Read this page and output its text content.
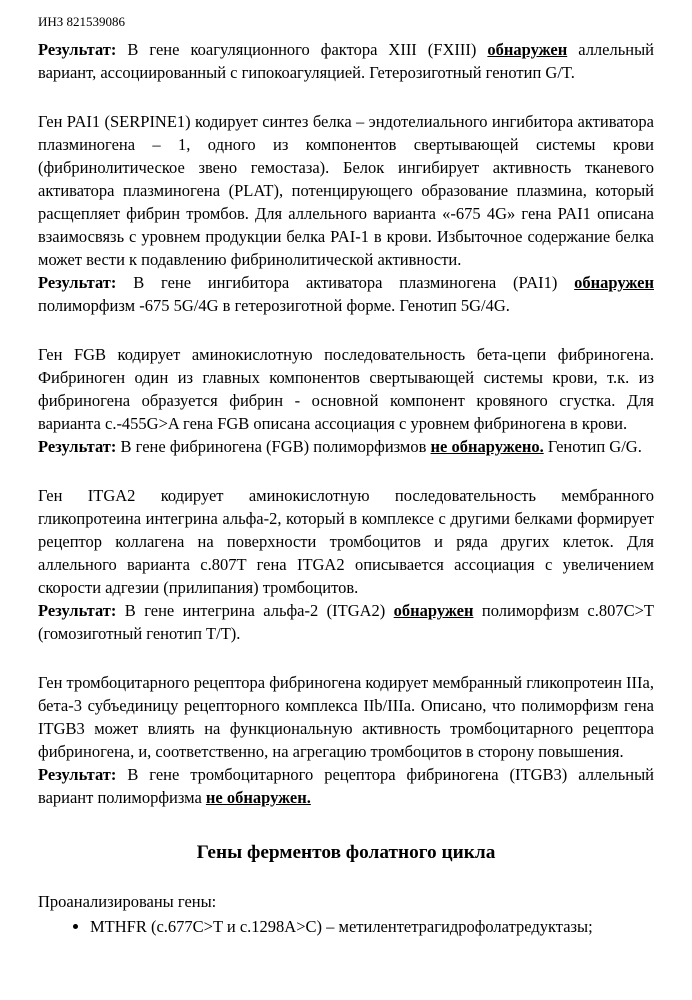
ИНЗ 821539086

Результат: В гене коагуляционного фактора XIII (FXIII) обнаружен аллельный вариант, ассоциированный с гипокоагуляцией. Гетерозиготный генотип G/T.

Ген PAI1 (SERPINE1) кодирует синтез белка – эндотелиального ингибитора активатора плазминогена – 1, одного из компонентов свертывающей системы крови (фибринолитическое звено гемостаза). Белок ингибирует активность тканевого активатора плазминогена (PLAT), потенцирующего образование плазмина, который расщепляет фибрин тромбов. Для аллельного варианта «-675 4G» гена PAI1 описана взаимосвязь с уровнем продукции белка PAI-1 в крови. Избыточное содержание белка может вести к подавлению фибринолитической активности.

Результат: В гене ингибитора активатора плазминогена (PAI1) обнаружен полиморфизм -675 5G/4G в гетерозиготной форме. Генотип 5G/4G.

Ген FGB кодирует аминокислотную последовательность бета-цепи фибриногена. Фибриноген один из главных компонентов свертывающей системы крови, т.к. из фибриногена образуется фибрин - основной компонент кровяного сгустка. Для варианта c.-455G>A гена FGB описана ассоциация с уровнем фибриногена в крови.

Результат: В гене фибриногена (FGB) полиморфизмов не обнаружено. Генотип G/G.

Ген ITGA2 кодирует аминокислотную последовательность мембранного гликопротеина интегрина альфа-2, который в комплексе с другими белками формирует рецептор коллагена на поверхности тромбоцитов и ряда других клеток. Для аллельного варианта c.807T гена ITGA2 описывается ассоциация с увеличением скорости адгезии (прилипания) тромбоцитов.

Результат: В гене интегрина альфа-2 (ITGA2) обнаружен полиморфизм c.807C>T (гомозиготный генотип T/T).

Ген тромбоцитарного рецептора фибриногена кодирует мембранный гликопротеин IIIa, бета-3 субъединицу рецепторного комплекса IIb/IIIa. Описано, что полиморфизм гена ITGB3 может влиять на функциональную активность тромбоцитарного рецептора фибриногена, и, соответственно, на агрегацию тромбоцитов в сторону повышения.

Результат: В гене тромбоцитарного рецептора фибриногена (ITGB3) аллельный вариант полиморфизма не обнаружен.

Гены ферментов фолатного цикла

Проанализированы гены:

• MTHFR (c.677C>T и c.1298A>C) – метилентетрагидрофолатредуктазы;
